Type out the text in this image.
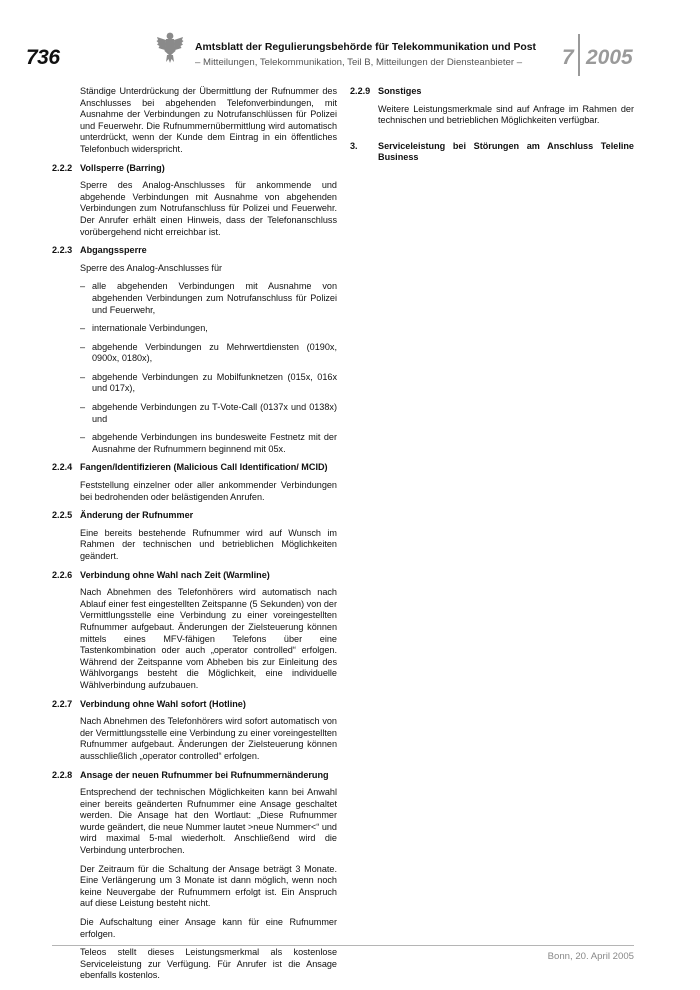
736	Amtsblatt der Regulierungsbehörde für Telekommunikation und Post
– Mitteilungen, Telekommunikation, Teil B, Mitteilungen der Diensteanbieter – 7 2005

Ständige Unterdrückung der Übermittlung der Rufnummer des Anschlusses bei abgehenden Telefonverbindungen, mit Ausnahme der Verbindungen zu Notrufanschlüssen für Polizei und Feuerwehr. Die Rufnummernübermittlung wird automatisch unterdrückt, wenn der Kunde dem Eintrag in ein öffentliches Telefonbuch widerspricht.

2.2.2 Vollsperre (Barring)

Sperre des Analog-Anschlusses für ankommende und abgehende Verbindungen mit Ausnahme von abgehenden Verbindungen zum Notrufanschluss für Polizei und Feuerwehr. Der Anrufer erhält einen Hinweis, dass der Telefonanschluss vorübergehend nicht erreichbar ist.

2.2.3 Abgangssperre

Sperre des Analog-Anschlusses für

– alle abgehenden Verbindungen mit Ausnahme von abgehenden Verbindungen zum Notrufanschluss für Polizei und Feuerwehr,
– internationale Verbindungen,
– abgehende Verbindungen zu Mehrwertdiensten (0190x, 0900x, 0180x),
– abgehende Verbindungen zu Mobilfunknetzen (015x, 016x und 017x),
– abgehende Verbindungen zu T-Vote-Call (0137x und 0138x) und
– abgehende Verbindungen ins bundesweite Festnetz mit der Ausnahme der Rufnummern beginnend mit 05x.
2.2.4 Fangen/Identifizieren (Malicious Call Identification/ MCID)

Feststellung einzelner oder aller ankommender Verbindungen bei bedrohenden oder belästigenden Anrufen.

2.2.5 Änderung der Rufnummer

Eine bereits bestehende Rufnummer wird auf Wunsch im Rahmen der technischen und betrieblichen Möglichkeiten geändert.

2.2.6 Verbindung ohne Wahl nach Zeit (Warmline)

Nach Abnehmen des Telefonhörers wird automatisch nach Ablauf einer fest eingestellten Zeitspanne (5 Sekunden) von der Vermittlungsstelle eine Verbindung zu einer voreingestellten Rufnummer aufgebaut. Änderungen der Zielsteuerung können mittels eines MFV-fähigen Telefons über eine Tastenkombination oder auch „operator controlled“ erfolgen. Während der Zeitspanne vom Abheben bis zur Einleitung des Wählvorgangs besteht die Möglichkeit, eine individuelle Wählverbindung aufzubauen.

2.2.7 Verbindung ohne Wahl sofort (Hotline)

Nach Abnehmen des Telefonhörers wird sofort automatisch von der Vermittlungsstelle eine Verbindung zu einer voreingestellten Rufnummer aufgebaut. Änderungen der Zielsteuerung können ausschließlich „operator controlled“ erfolgen.

2.2.8 Ansage der neuen Rufnummer bei Rufnummernänderung

Entsprechend der technischen Möglichkeiten kann bei Anwahl einer bereits geänderten Rufnummer eine Ansage geschaltet werden. Die Ansage hat den Wortlaut: „Diese Rufnummer wurde geändert, die neue Nummer lautet >neue Nummer<“ und wird maximal 5-mal wiederholt. Anschließend wird die Verbindung unterbrochen.

Der Zeitraum für die Schaltung der Ansage beträgt 3 Monate. Eine Verlängerung um 3 Monate ist dann möglich, wenn noch keine Neuvergabe der Rufnummern erfolgt ist. Ein Anspruch auf diese Leistung besteht nicht.

Die Aufschaltung einer Ansage kann für eine Rufnummer erfolgen.

Teleos stellt dieses Leistungsmerkmal als kostenlose Serviceleistung zur Verfügung. Für Anrufer ist die Ansage ebenfalls kostenlos.

2.2.9 Sonstiges

Weitere Leistungsmerkmale sind auf Anfrage im Rahmen der technischen und betrieblichen Möglichkeiten verfügbar.

3.	Serviceleistung bei Störungen am Anschluss Teleline Business
Bonn, 20. April 2005
